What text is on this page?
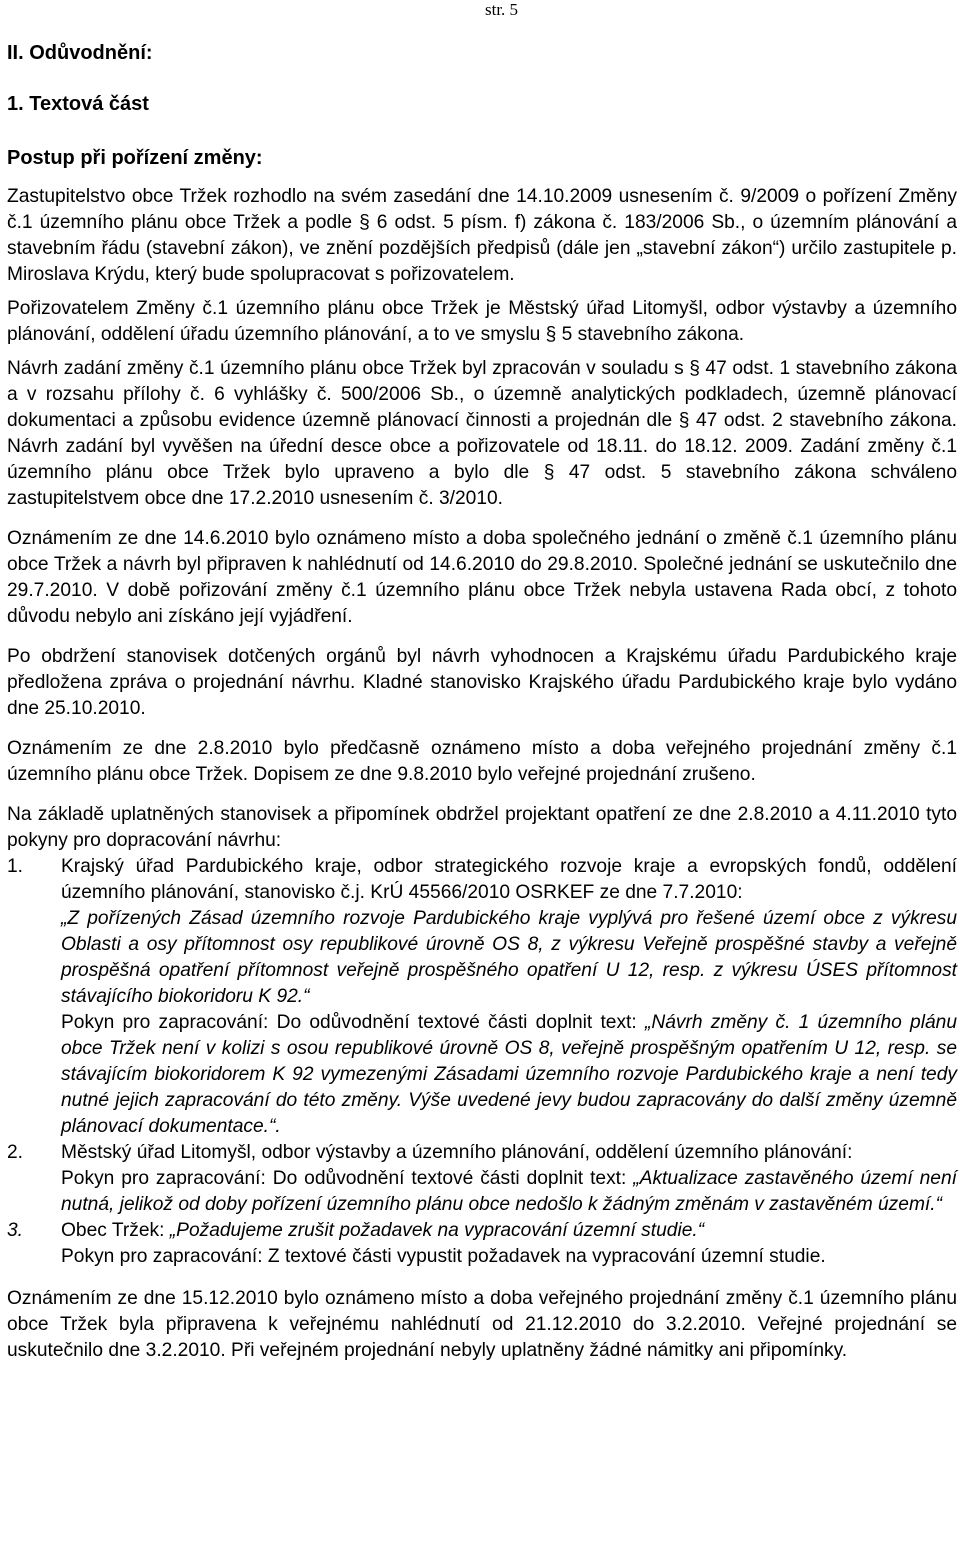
str. 5

II. Odůvodnění:

1. Textová část

Postup při pořízení změny:

Zastupitelstvo obce Tržek rozhodlo na svém zasedání dne 14.10.2009 usnesením č. 9/2009 o pořízení Změny č.1 územního plánu obce Tržek a podle § 6 odst. 5 písm. f) zákona č. 183/2006 Sb., o územním plánování a stavebním řádu (stavební zákon), ve znění pozdějších předpisů (dále jen „stavební zákon“) určilo zastupitele p. Miroslava Krýdu, který bude spolupracovat s pořizovatelem.

Pořizovatelem Změny č.1 územního plánu obce Tržek je Městský úřad Litomyšl, odbor výstavby a územního plánování, oddělení úřadu územního plánování, a to ve smyslu § 5 stavebního zákona.

Návrh zadání změny č.1 územního plánu obce Tržek byl zpracován v souladu s § 47 odst. 1 stavebního zákona a v rozsahu přílohy č. 6 vyhlášky č. 500/2006 Sb., o územně analytických podkladech, územně plánovací dokumentaci a způsobu evidence územně plánovací činnosti a projednán dle § 47 odst. 2 stavebního zákona. Návrh zadání byl vyvěšen na úřední desce obce a pořizovatele od 18.11. do 18.12. 2009. Zadání změny č.1 územního plánu obce Tržek bylo upraveno a bylo dle § 47 odst. 5 stavebního zákona schváleno zastupitelstvem obce dne 17.2.2010 usnesením č. 3/2010.

Oznámením ze dne 14.6.2010 bylo oznámeno místo a doba společného jednání o změně č.1 územního plánu obce Tržek a návrh byl připraven k nahlédnutí od 14.6.2010 do 29.8.2010. Společné jednání se uskutečnilo dne 29.7.2010. V době pořizování změny č.1 územního plánu obce Tržek nebyla ustavena Rada obcí, z tohoto důvodu nebylo ani získáno její vyjádření.

Po obdržení stanovisek dotčených orgánů byl návrh vyhodnocen a Krajskému úřadu Pardubického kraje předložena zpráva o projednání návrhu. Kladné stanovisko Krajského úřadu Pardubického kraje bylo vydáno dne 25.10.2010.

Oznámením ze dne 2.8.2010 bylo předčasně oznámeno místo a doba veřejného projednání změny č.1 územního plánu obce Tržek. Dopisem ze dne 9.8.2010 bylo veřejné projednání zrušeno.

Na základě uplatněných stanovisek a připomínek obdržel projektant opatření ze dne 2.8.2010 a 4.11.2010 tyto pokyny pro dopracování návrhu:

1. Krajský úřad Pardubického kraje, odbor strategického rozvoje kraje a evropských fondů, oddělení územního plánování, stanovisko č.j. KrÚ 45566/2010 OSRKEF ze dne 7.7.2010:

„Z pořízených Zásad územního rozvoje Pardubického kraje vyplývá pro řešené území obce z výkresu Oblasti a osy přítomnost osy republikové úrovně OS 8, z výkresu Veřejně prospěšné stavby a veřejně prospěšná opatření přítomnost veřejně prospěšného opatření U 12, resp. z výkresu ÚSES přítomnost stávajícího biokoridoru K 92.“

Pokyn pro zapracování: Do odůvodnění textové části doplnit text: „Návrh změny č. 1 územního plánu obce Tržek není v kolizi s osou republikové úrovně OS 8, veřejně prospěšným opatřením U 12, resp. se stávajícím biokoridorem K 92 vymezenými Zásadami územního rozvoje Pardubického kraje a není tedy nutné jejich zapracování do této změny. Výše uvedené jevy budou zapracovány do další změny územně plánovací dokumentace.“.

2. Městský úřad Litomyšl, odbor výstavby a územního plánování, oddělení územního plánování:

Pokyn pro zapracování: Do odůvodnění textové části doplnit text: „Aktualizace zastavěného území není nutná, jelikož od doby pořízení územního plánu obce nedošlo k žádným změnám v zastavěném území.“

3. Obec Tržek: „Požadujeme zrušit požadavek na vypracování územní studie.“

Pokyn pro zapracování: Z textové části vypustit požadavek na vypracování územní studie.

Oznámením ze dne 15.12.2010 bylo oznámeno místo a doba veřejného projednání změny č.1 územního plánu obce Tržek byla připravena k veřejnému nahlédnutí od 21.12.2010 do 3.2.2010. Veřejné projednání se uskutečnilo dne 3.2.2010. Při veřejném projednání nebyly uplatněny žádné námitky ani připomínky.
